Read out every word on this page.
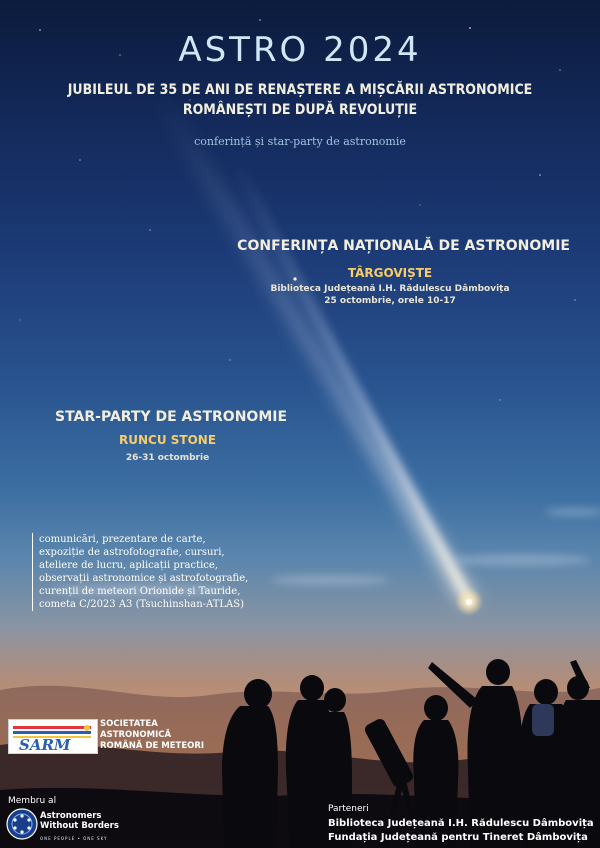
ASTRO 2024
JUBILEUL DE 35 DE ANI DE RENAȘTERE A MIȘCĂRII ASTRONOMICE
ROMÂNEȘTI DE DUPĂ REVOLUȚIE
conferință și star-party de astronomie
CONFERINȚA NAȚIONALĂ DE ASTRONOMIE
TÂRGOVIȘTE
Biblioteca Județeană I.H. Rădulescu Dâmbovița
25 octombrie, orele 10-17
STAR-PARTY DE ASTRONOMIE
RUNCU STONE
26-31 octombrie
comunicări, prezentare de carte,
expoziție de astrofotografie, cursuri,
ateliere de lucru, aplicații practice,
observații astronomice și astrofotografie,
curenții de meteori Orionide și Tauride,
cometa C/2023 A3 (Tsuchinshan-ATLAS)
SARM
SOCIETATEA
ASTRONOMICĂ
ROMÂNĂ DE METEORI
Membru al
Astronomers
Without Borders
ONE PEOPLE • ONE SKY
Parteneri
Biblioteca Județeană I.H. Rădulescu Dâmbovița
Fundația Județeană pentru Tineret Dâmbovița
